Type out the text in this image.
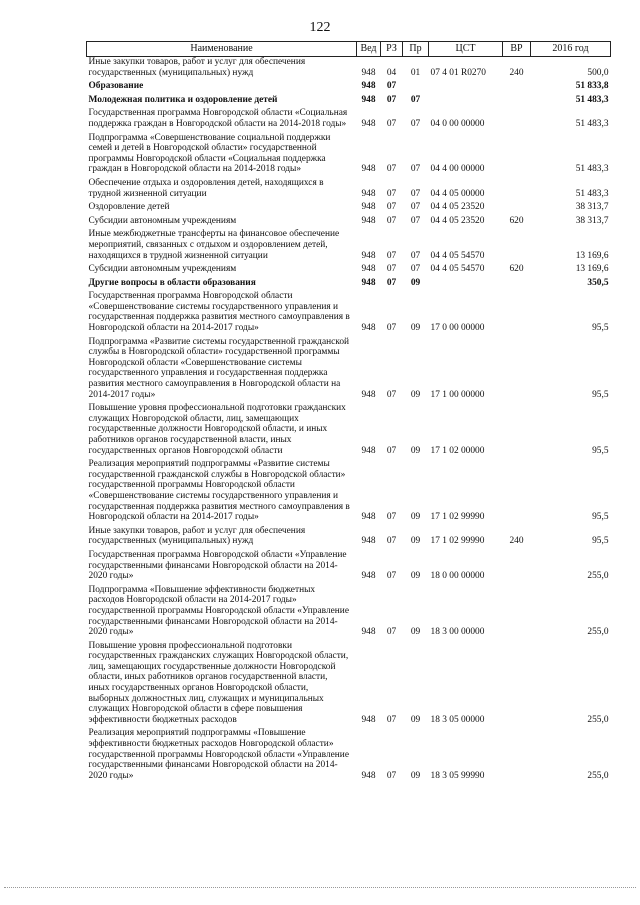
122
Наименование	Вед	РЗ	Пр	ЦСТ	ВР	2016 год
Иные закупки товаров, работ и услуг для обеспечения государственных (муниципальных) нужд	948	04	01	07 4 01 R0270	240	500,0
Образование	948	07				51 833,8
Молодежная политика и оздоровление детей	948	07	07			51 483,3
Государственная программа Новгородской области «Социальная поддержка граждан в Новгородской области на 2014-2018 годы»	948	07	07	04 0 00 00000		51 483,3
Подпрограмма «Совершенствование социальной поддержки семей и детей в Новгородской области» государственной программы Новгородской области «Социальная поддержка граждан в Новгородской области на 2014-2018 годы»	948	07	07	04 4 00 00000		51 483,3
Обеспечение отдыха и оздоровления детей, находящихся в трудной жизненной ситуации	948	07	07	04 4 05 00000		51 483,3
Оздоровление детей	948	07	07	04 4 05 23520		38 313,7
Субсидии автономным учреждениям	948	07	07	04 4 05 23520	620	38 313,7
Иные межбюджетные трансферты на финансовое обеспечение мероприятий, связанных с отдыхом и оздоровлением детей, находящихся в трудной жизненной ситуации	948	07	07	04 4 05 54570		13 169,6
Субсидии автономным учреждениям	948	07	07	04 4 05 54570	620	13 169,6
Другие вопросы в области образования	948	07	09			350,5
Государственная программа Новгородской области «Совершенствование системы государственного управления и государственная поддержка развития местного самоуправления в Новгородской области на 2014-2017 годы»	948	07	09	17 0 00 00000		95,5
Подпрограмма «Развитие системы государственной гражданской службы в Новгородской области» государственной программы Новгородской области «Совершенствование системы государственного управления и государственная поддержка развития местного самоуправления в Новгородской области на 2014-2017 годы»	948	07	09	17 1 00 00000		95,5
Повышение уровня профессиональной подготовки гражданских служащих Новгородской области, лиц, замещающих государственные должности Новгородской области, и иных работников органов государственной власти, иных государственных органов Новгородской области	948	07	09	17 1 02 00000		95,5
Реализация мероприятий подпрограммы «Развитие системы государственной гражданской службы в Новгородской области» государственной программы Новгородской области «Совершенствование системы государственного управления и государственная поддержка развития местного самоуправления в Новгородской области на 2014-2017 годы»	948	07	09	17 1 02 99990		95,5
Иные закупки товаров, работ и услуг для обеспечения государственных (муниципальных) нужд	948	07	09	17 1 02 99990	240	95,5
Государственная программа Новгородской области «Управление государственными финансами Новгородской области на 2014-2020 годы»	948	07	09	18 0 00 00000		255,0
Подпрограмма «Повышение эффективности бюджетных расходов Новгородской области на 2014-2017 годы» государственной программы Новгородской области «Управление государственными финансами Новгородской области на 2014-2020 годы»	948	07	09	18 3 00 00000		255,0
Повышение уровня профессиональной подготовки государственных гражданских служащих Новгородской области, лиц, замещающих государственные должности Новгородской области, иных работников органов государственной власти, иных государственных органов Новгородской области, выборных должностных лиц, служащих и муниципальных служащих Новгородской области в сфере повышения эффективности бюджетных расходов	948	07	09	18 3 05 00000		255,0
Реализация мероприятий подпрограммы «Повышение эффективности бюджетных расходов Новгородской области» государственной программы Новгородской области «Управление государственными финансами Новгородской области на 2014-2020 годы»	948	07	09	18 3 05 99990		255,0
